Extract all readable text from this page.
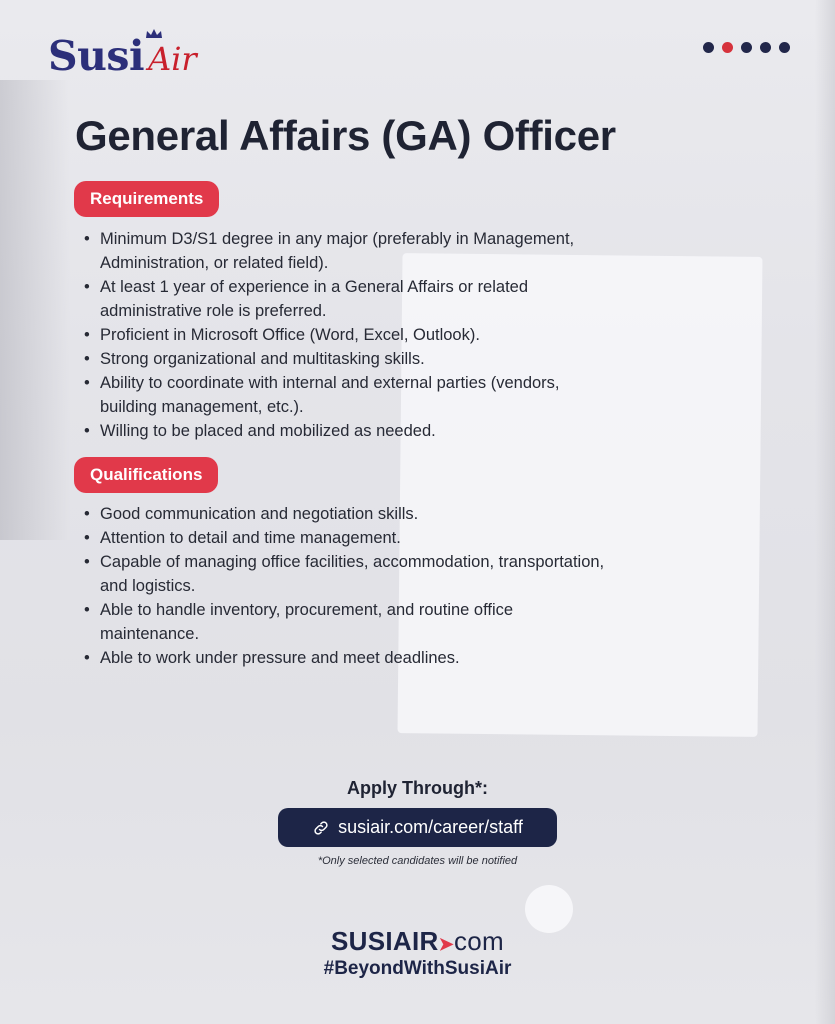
Susi Air
General Affairs (GA) Officer
Requirements
• Minimum D3/S1 degree in any major (preferably in Management,
Administration, or related field).
• At least 1 year of experience in a General Affairs or related
administrative role is preferred.
• Proficient in Microsoft Office (Word, Excel, Outlook).
• Strong organizational and multitasking skills.
• Ability to coordinate with internal and external parties (vendors,
building management, etc.).
• Willing to be placed and mobilized as needed.
Qualifications
• Good communication and negotiation skills.
• Attention to detail and time management.
• Capable of managing office facilities, accommodation, transportation,
and logistics.
• Able to handle inventory, procurement, and routine office
maintenance.
• Able to work under pressure and meet deadlines.
Apply Through*:
susiair.com/career/staff
*Only selected candidates will be notified
SUSIAIR➤com
#BeyondWithSusiAir
